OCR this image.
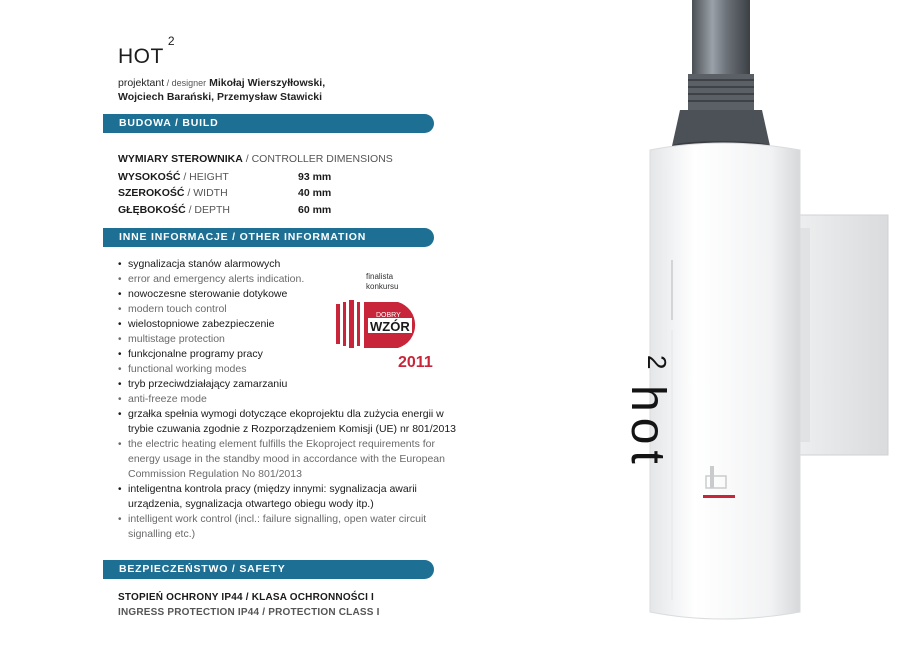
HOT$^2$
projektant / designer Mikołaj Wierszyłłowski,
Wojciech Barański, Przemysław Stawicki
BUDOWA / BUILD
WYMIARY STEROWNIKA / CONTROLLER DIMENSIONS
WYSOKOŚĆ / HEIGHT	93 mm
SZEROKOŚĆ / WIDTH	40 mm
GŁĘBOKOŚĆ / DEPTH	60 mm
INNE INFORMACJE / OTHER INFORMATION
• sygnalizacja stanów alarmowych
• error and emergency alerts indication.
• nowoczesne sterowanie dotykowe
• modern touch control
• wielostopniowe zabezpieczenie
• multistage protection
• funkcjonalne programy pracy
• functional working modes
• tryb przeciwdziałający zamarzaniu
• anti-freeze mode
• grzałka spełnia wymogi dotyczące ekoprojektu dla zużycia energii w trybie czuwania zgodnie z Rozporządzeniem Komisji (UE) nr 801/2013
• the electric heating element fulfills the Ekoproject requirements for energy usage in the standby mood in accordance with the European Commission Regulation No 801/2013
• inteligentna kontrola pracy (między innymi: sygnalizacja awarii urządzenia, sygnalizacja otwartego obiegu wody itp.)
• intelligent work control (incl.: failure signalling, open water circuit signalling etc.)
finalista
konkursu
DOBRY
WZÓR
2011
BEZPIECZEŃSTWO / SAFETY
STOPIEŃ OCHRONY IP44 / KLASA OCHRONNOŚCI I
INGRESS PROTECTION IP44 / PROTECTION CLASS I
hot
2
